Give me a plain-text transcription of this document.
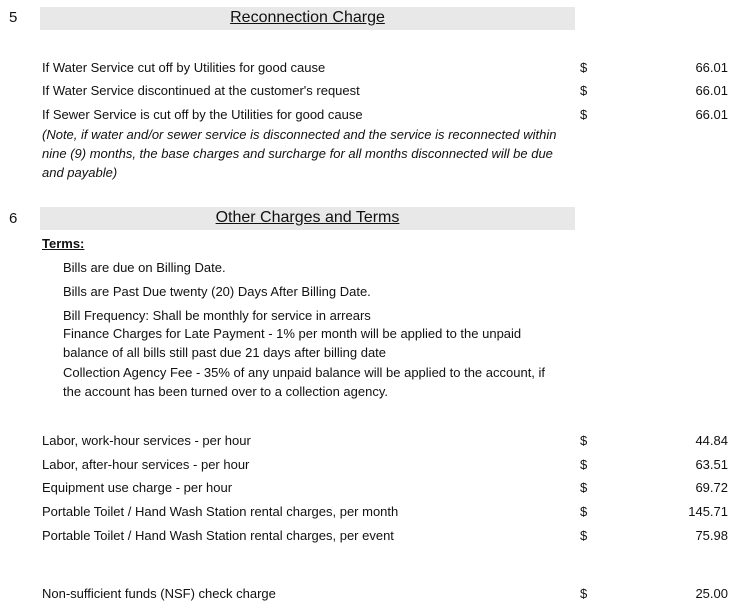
5	Reconnection Charge
If Water Service cut off by Utilities for good cause	$	66.01
If Water Service discontinued at the customer's request	$	66.01
If Sewer Service is cut off by the Utilities for good cause	$	66.01
(Note, if water and/or sewer service is disconnected and the service is reconnected within nine (9) months, the base charges and surcharge for all months disconnected will be due and payable)
6	Other Charges and Terms
Terms:
Bills are due on Billing Date.
Bills are Past Due twenty (20) Days After Billing Date.
Bill Frequency: Shall be monthly for service in arrears
Finance Charges for Late Payment - 1% per month will be applied to the unpaid
balance of all bills still past due 21 days after billing date
Collection Agency Fee - 35% of any unpaid balance will be applied to the account, if
the account has been turned over to a collection agency.
Labor, work-hour services - per hour	$	44.84
Labor, after-hour services - per hour	$	63.51
Equipment use charge - per hour	$	69.72
Portable Toilet / Hand Wash Station rental charges, per month	$	145.71
Portable Toilet / Hand Wash Station rental charges, per event	$	75.98
Non-sufficient funds (NSF) check charge	$	25.00
